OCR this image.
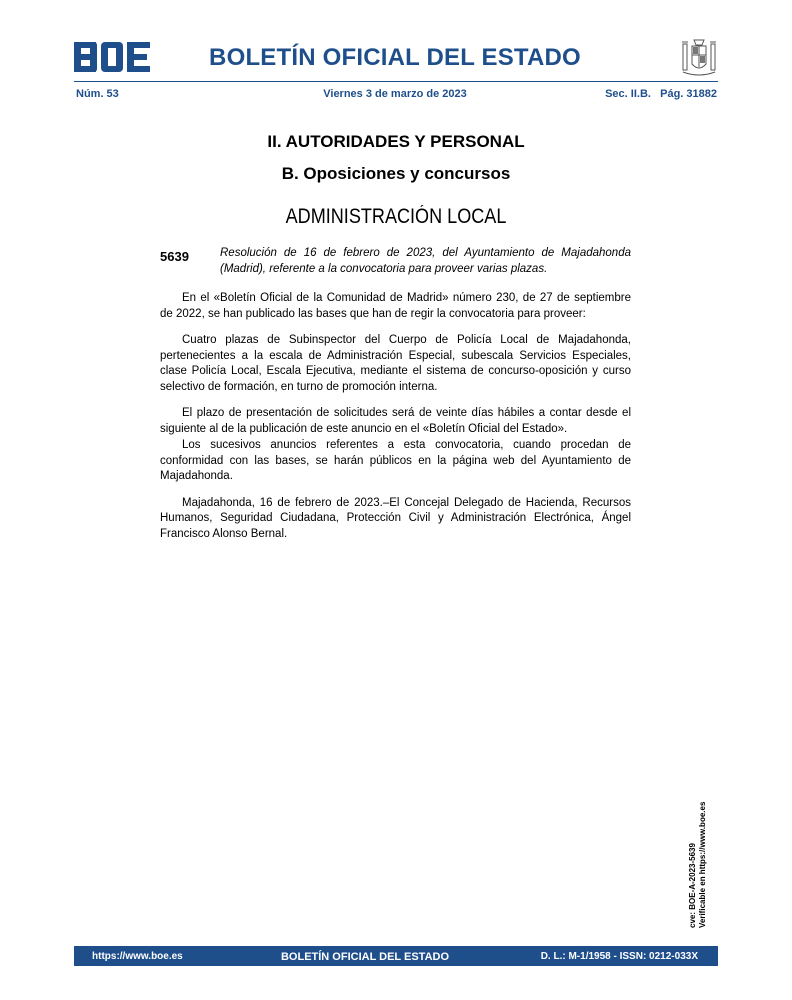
BOLETÍN OFICIAL DEL ESTADO
Núm. 53	Viernes 3 de marzo de 2023	Sec. II.B.   Pág. 31882
II. AUTORIDADES Y PERSONAL
B. Oposiciones y concursos
ADMINISTRACIÓN LOCAL
5639	Resolución de 16 de febrero de 2023, del Ayuntamiento de Majadahonda (Madrid), referente a la convocatoria para proveer varias plazas.

En el «Boletín Oficial de la Comunidad de Madrid» número 230, de 27 de septiembre de 2022, se han publicado las bases que han de regir la convocatoria para proveer:

Cuatro plazas de Subinspector del Cuerpo de Policía Local de Majadahonda, pertenecientes a la escala de Administración Especial, subescala Servicios Especiales, clase Policía Local, Escala Ejecutiva, mediante el sistema de concurso-oposición y curso selectivo de formación, en turno de promoción interna.

El plazo de presentación de solicitudes será de veinte días hábiles a contar desde el siguiente al de la publicación de este anuncio en el «Boletín Oficial del Estado».

Los sucesivos anuncios referentes a esta convocatoria, cuando procedan de conformidad con las bases, se harán públicos en la página web del Ayuntamiento de Majadahonda.

Majadahonda, 16 de febrero de 2023.–El Concejal Delegado de Hacienda, Recursos Humanos, Seguridad Ciudadana, Protección Civil y Administración Electrónica, Ángel Francisco Alonso Bernal.

cve: BOE-A-2023-5639 Verificable en https://www.boe.es
https://www.boe.es	BOLETÍN OFICIAL DEL ESTADO	D. L.: M-1/1958 - ISSN: 0212-033X
